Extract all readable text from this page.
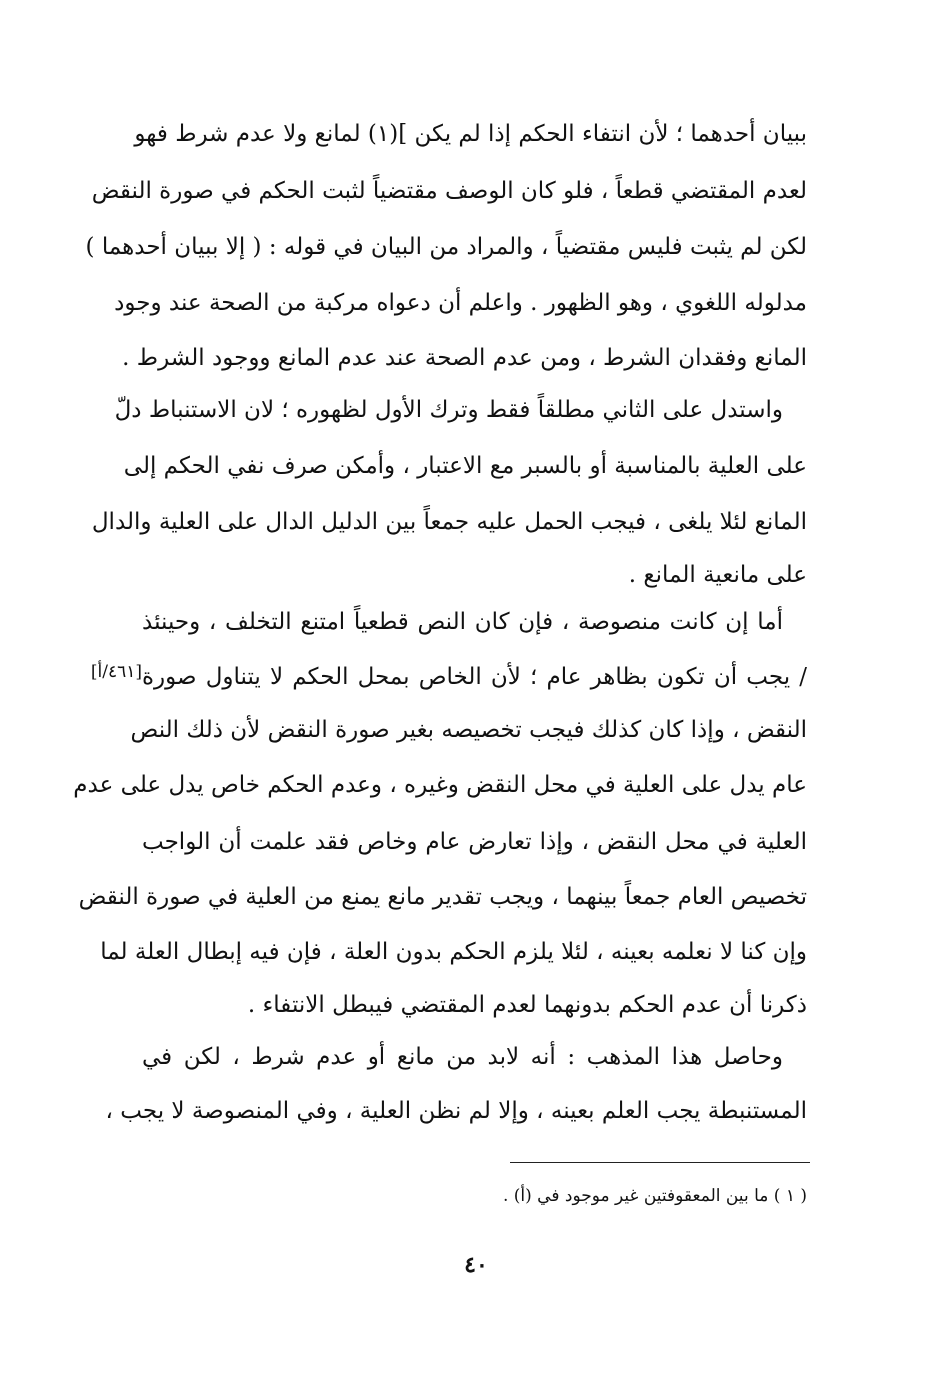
ببيان أحدهما ؛ لأن انتفاء الحكم إذا لم يكن ](١) لمانع ولا عدم شرط فهو
لعدم المقتضي قطعاً ، فلو كان الوصف مقتضياً لثبت الحكم في صورة النقض
لكن لم يثبت فليس مقتضياً ، والمراد من البيان في قوله : ( إلا ببيان أحدهما )
مدلوله اللغوي ، وهو الظهور . واعلم أن دعواه مركبة من الصحة عند وجود
المانع وفقدان الشرط ، ومن عدم الصحة عند عدم المانع ووجود الشرط .
واستدل على الثاني مطلقاً فقط وترك الأول لظهوره ؛ لان الاستنباط دلّ
على العلية بالمناسبة أو بالسبر مع الاعتبار ، وأمكن صرف نفي الحكم إلى
المانع لئلا يلغى ، فيجب الحمل عليه جمعاً بين الدليل الدال على العلية والدال
على مانعية المانع .
أما إن كانت منصوصة ، فإن كان النص قطعياً امتنع التخلف ، وحينئذ
/ يجب أن تكون بظاهر عام ؛ لأن الخاص بمحل الحكم لا يتناول صورة
النقض ، وإذا كان كذلك فيجب تخصيصه بغير صورة النقض لأن ذلك النص
عام يدل على العلية في محل النقض وغيره ، وعدم الحكم خاص يدل على عدم
العلية في محل النقض ، وإذا تعارض عام وخاص فقد علمت أن الواجب
تخصيص العام جمعاً بينهما ، ويجب تقدير مانع يمنع من العلية في صورة النقض
وإن كنا لا نعلمه بعينه ، لئلا يلزم الحكم بدون العلة ، فإن فيه إبطال العلة لما
ذكرنا أن عدم الحكم بدونهما لعدم المقتضي فيبطل الانتفاء .
وحاصل هذا المذهب : أنه لابد من مانع أو عدم شرط ، لكن في
المستنبطة يجب العلم بعينه ، وإلا لم نظن العلية ، وفي المنصوصة لا يجب ،
[٤٦١/أ]
( ١ ) ما بين المعقوفتين غير موجود في (أ) .
٤٠
